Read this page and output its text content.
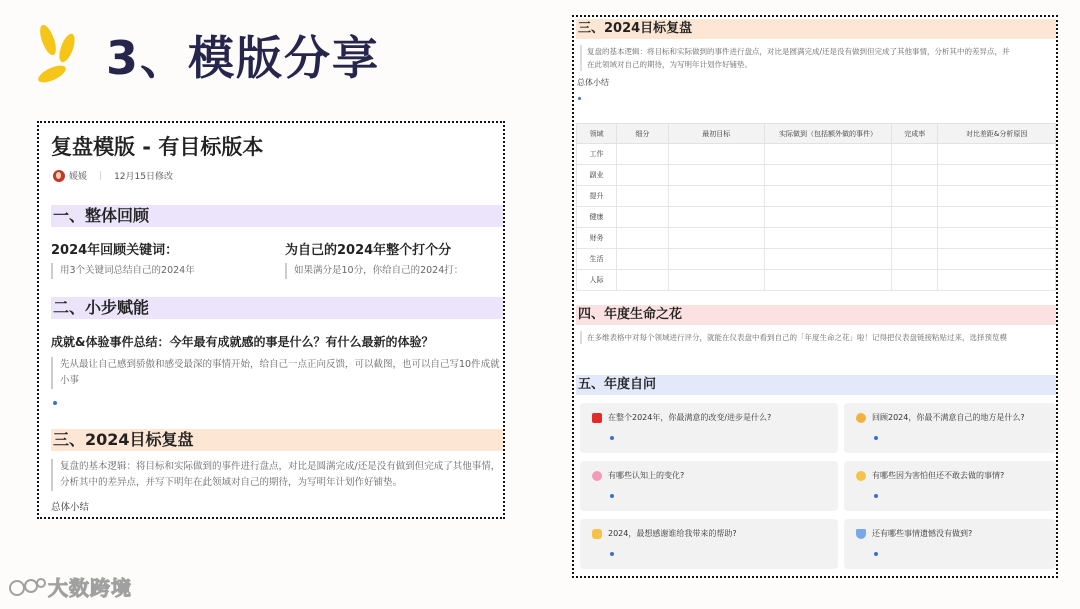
3、模版分享
复盘模版 - 有目标版本
媛媛 | 12月15日修改
一、整体回顾
2024年回顾关键词：
用3个关键词总结自己的2024年
为自己的2024年整个打个分
如果满分是10分，你给自己的2024打：
二、小步赋能
成就&体验事件总结：今年最有成就感的事是什么？有什么最新的体验？
先从最让自己感到骄傲和感受最深的事情开始，给自己一点正向反馈，可以截图，也可以自己写10件成就小事
三、2024目标复盘
复盘的基本逻辑：将目标和实际做到的事件进行盘点，对比是圆满完成/还是没有做到但完成了其他事情，分析其中的差异点，并写下明年在此领域对自己的期待，为写明年计划作好铺垫。
总体小结
三、2024目标复盘
复盘的基本逻辑：将目标和实际做到的事件进行盘点，对比是圆满完成/还是没有做到但完成了其他事情，分析其中的差异点，并
在此领域对自己的期待，为写明年计划作好铺垫。
总体小结
领域	细分	最初目标	实际做到（包括额外做的事件）	完成率	对比差距&分析原因
工作					
副业					
提升					
健康					
财务					
生活					
人际					
四、年度生命之花
在多维表格中对每个领域进行评分，就能在仪表盘中看到自己的「年度生命之花」啦！记得把仪表盘链接粘贴过来，选择预览模
五、年度自问
在整个2024年，你最满意的改变/进步是什么?	回顾2024，你最不满意自己的地方是什么?
有哪些认知上的变化?	有哪些因为害怕但还不敢去做的事情?
2024，最想感谢谁给我带来的帮助?	还有哪些事情遗憾没有做到?
大数跨境
